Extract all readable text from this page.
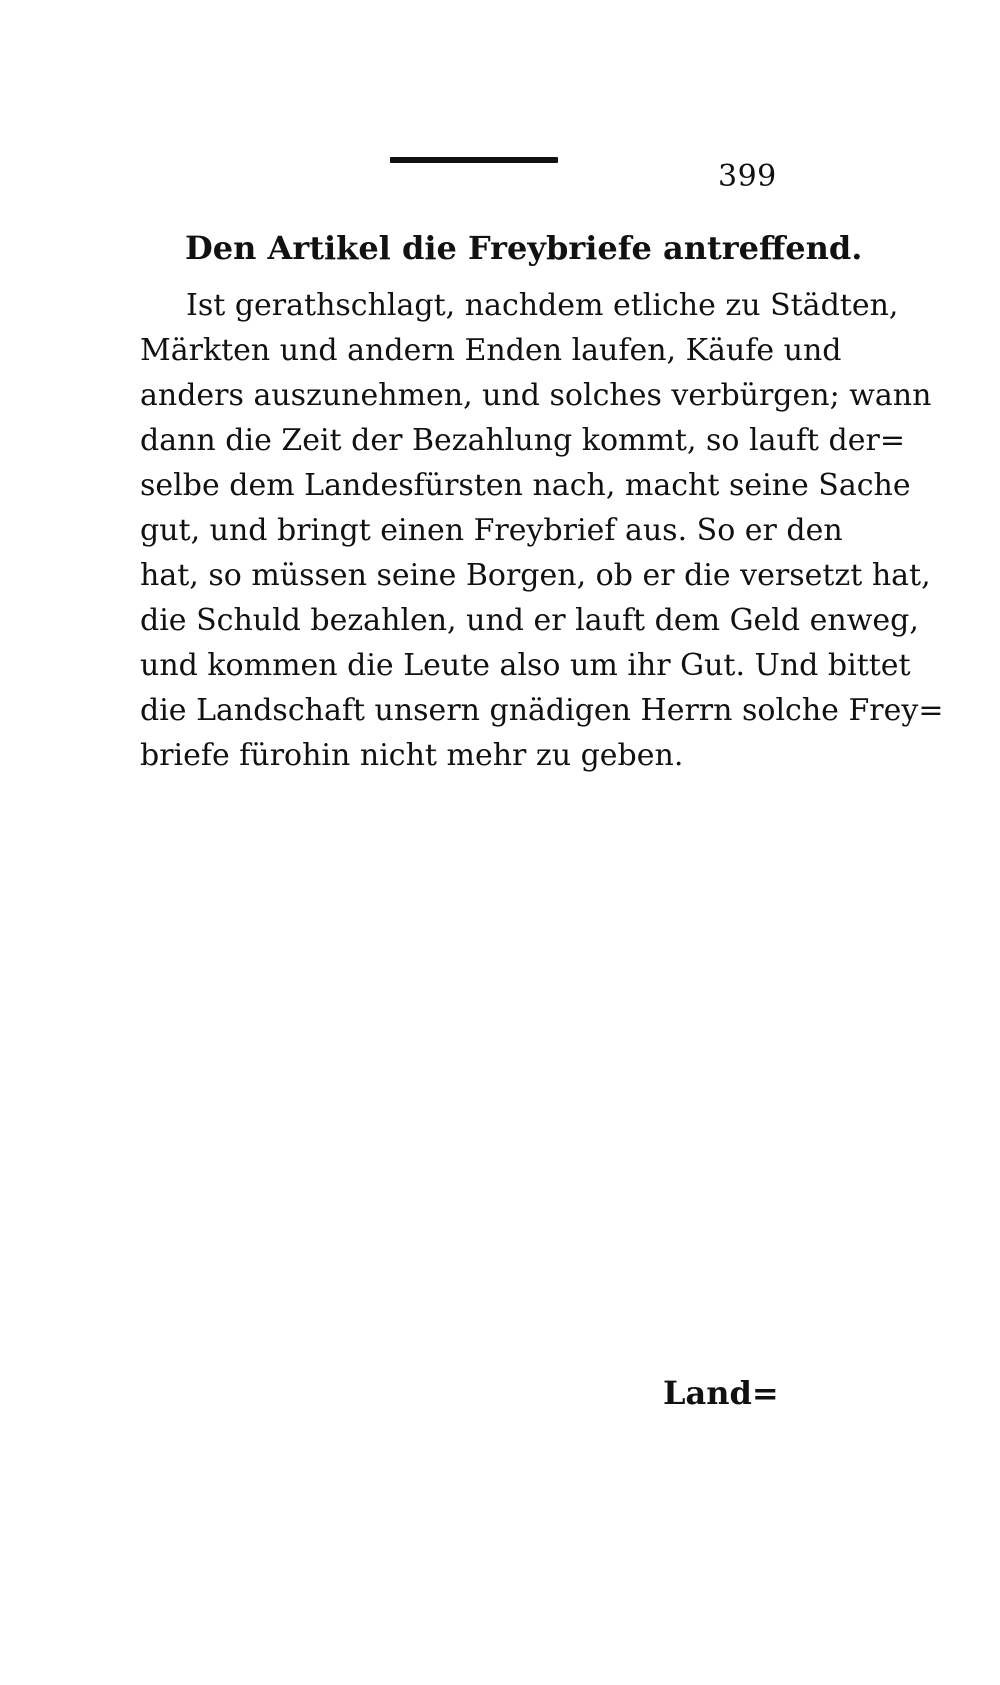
399
Den Artikel die Freybriefe antreffend.
Ist gerathschlagt, nachdem etliche zu Städten,
Märkten und andern Enden laufen, Käufe und
anders auszunehmen, und solches verbürgen; wann
dann die Zeit der Bezahlung kommt, so lauft der=
selbe dem Landesfürsten nach, macht seine Sache
gut, und bringt einen Freybrief aus. So er den
hat, so müssen seine Borgen, ob er die versetzt hat,
die Schuld bezahlen, und er lauft dem Geld enweg,
und kommen die Leute also um ihr Gut. Und bittet
die Landschaft unsern gnädigen Herrn solche Frey=
briefe fürohin nicht mehr zu geben.
Land=
